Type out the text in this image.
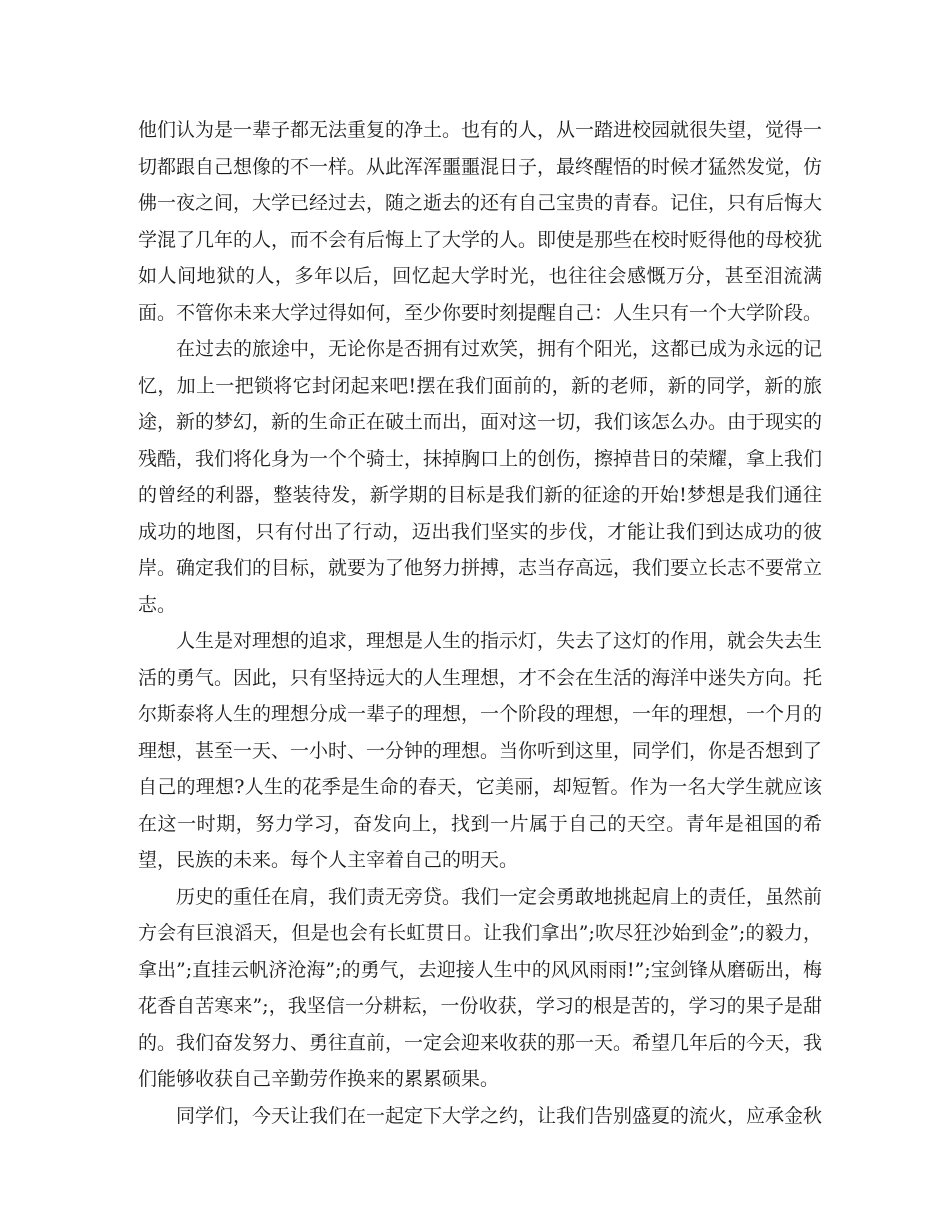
他们认为是一辈子都无法重复的净土。也有的人，从一踏进校园就很失望，觉得一切都跟自己想像的不一样。从此浑浑噩噩混日子，最终醒悟的时候才猛然发觉，仿佛一夜之间，大学已经过去，随之逝去的还有自己宝贵的青春。记住，只有后悔大学混了几年的人，而不会有后悔上了大学的人。即使是那些在校时贬得他的母校犹如人间地狱的人，多年以后，回忆起大学时光，也往往会感慨万分，甚至泪流满面。不管你未来大学过得如何，至少你要时刻提醒自己：人生只有一个大学阶段。

在过去的旅途中，无论你是否拥有过欢笑，拥有个阳光，这都已成为永远的记忆，加上一把锁将它封闭起来吧!摆在我们面前的，新的老师，新的同学，新的旅途，新的梦幻，新的生命正在破土而出，面对这一切，我们该怎么办。由于现实的残酷，我们将化身为一个个骑士，抹掉胸口上的创伤，擦掉昔日的荣耀，拿上我们的曾经的利器，整装待发，新学期的目标是我们新的征途的开始!梦想是我们通往成功的地图，只有付出了行动，迈出我们坚实的步伐，才能让我们到达成功的彼岸。确定我们的目标，就要为了他努力拼搏，志当存高远，我们要立长志不要常立志。

人生是对理想的追求，理想是人生的指示灯，失去了这灯的作用，就会失去生活的勇气。因此，只有坚持远大的人生理想，才不会在生活的海洋中迷失方向。托尔斯泰将人生的理想分成一辈子的理想，一个阶段的理想，一年的理想，一个月的理想，甚至一天、一小时、一分钟的理想。当你听到这里，同学们，你是否想到了自己的理想?人生的花季是生命的春天，它美丽，却短暂。作为一名大学生就应该在这一时期，努力学习，奋发向上，找到一片属于自己的天空。青年是祖国的希望，民族的未来。每个人主宰着自己的明天。

历史的重任在肩，我们责无旁贷。我们一定会勇敢地挑起肩上的责任，虽然前方会有巨浪滔天，但是也会有长虹贯日。让我们拿出”;吹尽狂沙始到金”;的毅力，拿出”;直挂云帆济沧海”;的勇气，去迎接人生中的风风雨雨!”;宝剑锋从磨砺出，梅花香自苦寒来”;，我坚信一分耕耘，一份收获，学习的根是苦的，学习的果子是甜的。我们奋发努力、勇往直前，一定会迎来收获的那一天。希望几年后的今天，我们能够收获自己辛勤劳作换来的累累硕果。

同学们，今天让我们在一起定下大学之约，让我们告别盛夏的流火，应承金秋
